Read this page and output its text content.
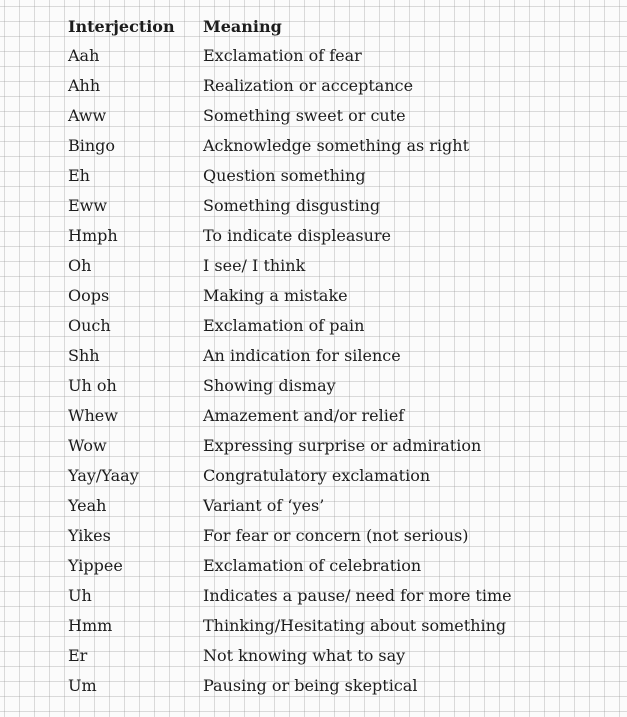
Interjection	Meaning
Aah	Exclamation of fear
Ahh	Realization or acceptance
Aww	Something sweet or cute
Bingo	Acknowledge something as right
Eh	Question something
Eww	Something disgusting
Hmph	To indicate displeasure
Oh	I see/ I think
Oops	Making a mistake
Ouch	Exclamation of pain
Shh	An indication for silence
Uh oh	Showing dismay
Whew	Amazement and/or relief
Wow	Expressing surprise or admiration
Yay/Yaay	Congratulatory exclamation
Yeah	Variant of ‘yes’
Yikes	For fear or concern (not serious)
Yippee	Exclamation of celebration
Uh	Indicates a pause/ need for more time
Hmm	Thinking/Hesitating about something
Er	Not knowing what to say
Um	Pausing or being skeptical
